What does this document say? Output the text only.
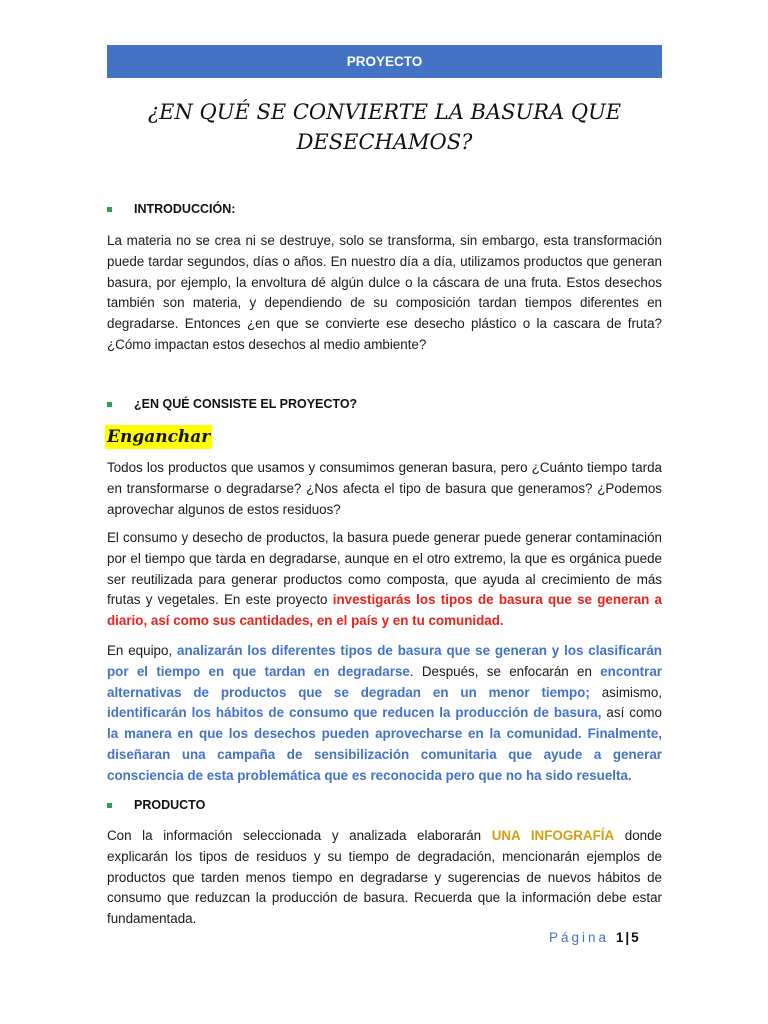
PROYECTO
¿EN QUÉ SE CONVIERTE LA BASURA QUE
DESECHAMOS?
INTRODUCCIÓN:
La materia no se crea ni se destruye, solo se transforma, sin embargo, esta transformación puede tardar segundos, días o años. En nuestro día a día, utilizamos productos que generan basura, por ejemplo, la envoltura dé algún dulce o la cáscara de una fruta. Estos desechos también son materia, y dependiendo de su composición tardan tiempos diferentes en degradarse. Entonces ¿en que se convierte ese desecho plástico o la cascara de fruta? ¿Cómo impactan estos desechos al medio ambiente?
¿EN QUÉ CONSISTE EL PROYECTO?
Enganchar
Todos los productos que usamos y consumimos generan basura, pero ¿Cuánto tiempo tarda en transformarse o degradarse? ¿Nos afecta el tipo de basura que generamos? ¿Podemos aprovechar algunos de estos residuos?
El consumo y desecho de productos, la basura puede generar puede generar contaminación por el tiempo que tarda en degradarse, aunque en el otro extremo, la que es orgánica puede ser reutilizada para generar productos como composta, que ayuda al crecimiento de más frutas y vegetales. En este proyecto investigarás los tipos de basura que se generan a diario, así como sus cantidades, en el país y en tu comunidad.
En equipo, analizarán los diferentes tipos de basura que se generan y los clasificarán por el tiempo en que tardan en degradarse. Después, se enfocarán en encontrar alternativas de productos que se degradan en un menor tiempo; asimismo, identificarán los hábitos de consumo que reducen la producción de basura, así como la manera en que los desechos pueden aprovecharse en la comunidad. Finalmente, diseñaran una campaña de sensibilización comunitaria que ayude a generar consciencia de esta problemática que es reconocida pero que no ha sido resuelta.
PRODUCTO
Con la información seleccionada y analizada elaborarán UNA INFOGRAFÍA donde explicarán los tipos de residuos y su tiempo de degradación, mencionarán ejemplos de productos que tarden menos tiempo en degradarse y sugerencias de nuevos hábitos de consumo que reduzcan la producción de basura. Recuerda que la información debe estar fundamentada.
Página 1 | 5
